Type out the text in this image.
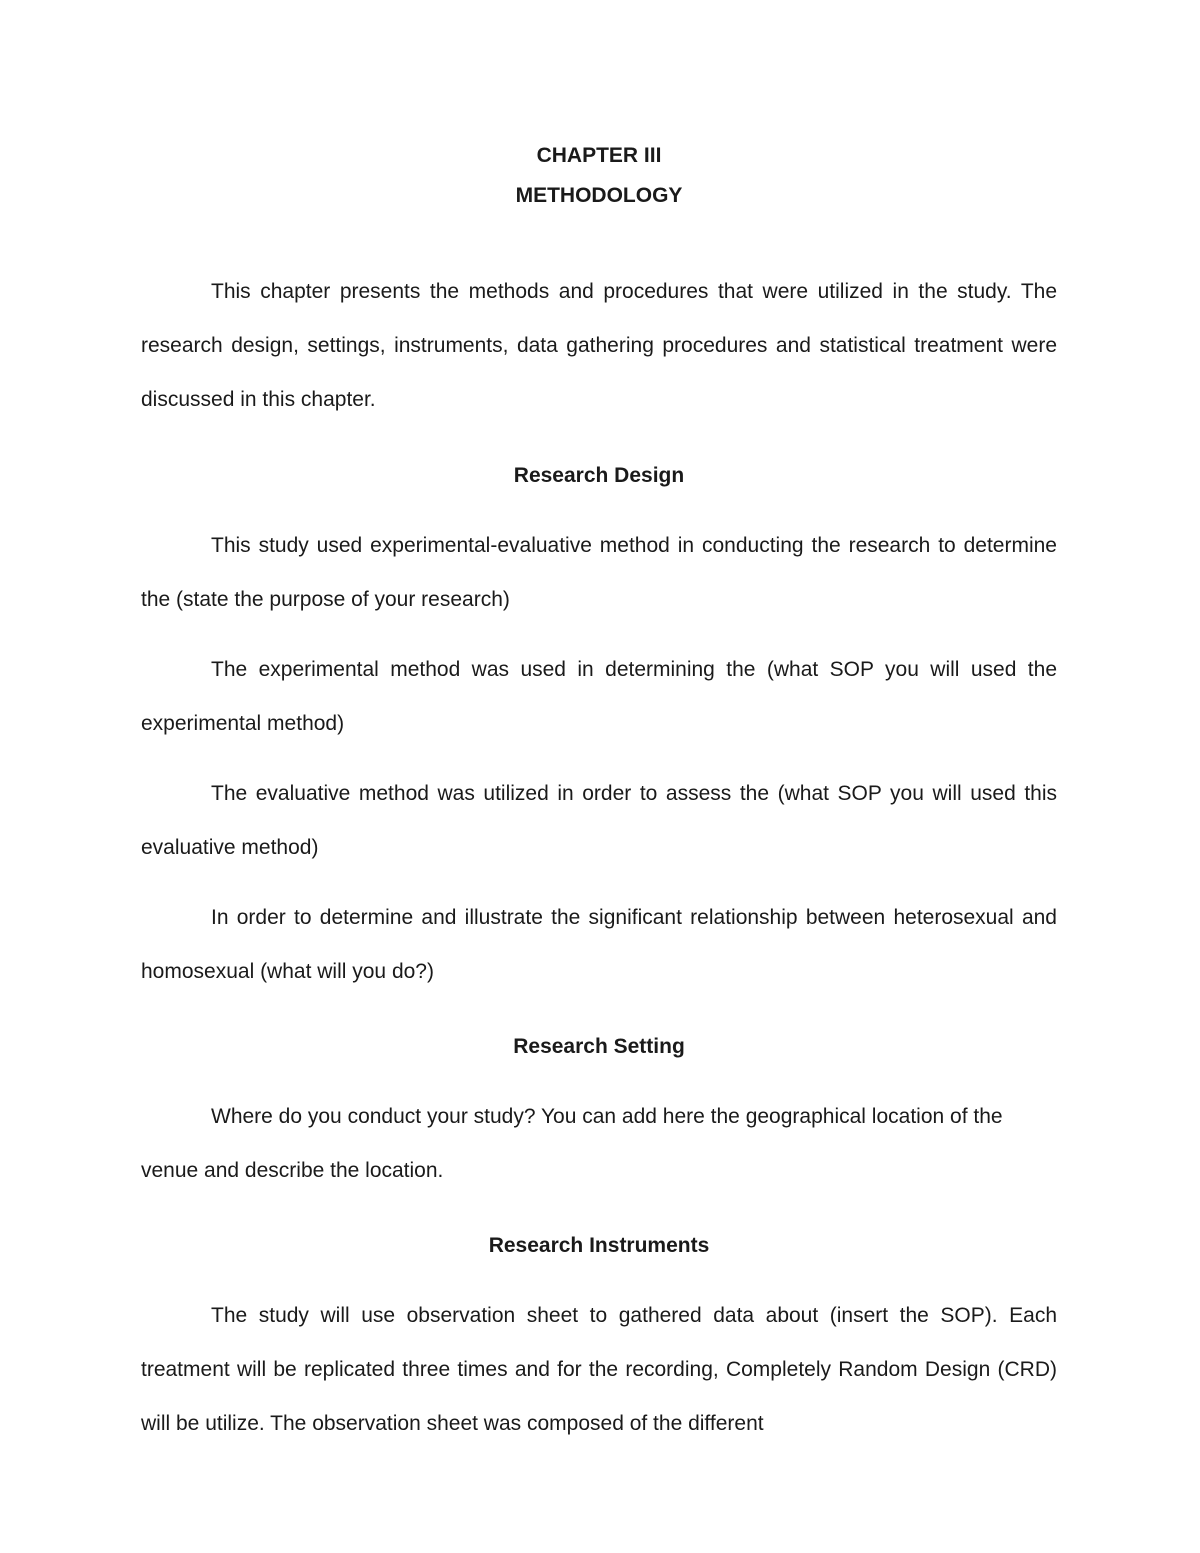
CHAPTER III
METHODOLOGY

This chapter presents the methods and procedures that were utilized in the study. The research design, settings, instruments, data gathering procedures and statistical treatment were discussed in this chapter.

Research Design

This study used experimental-evaluative method in conducting the research to determine the (state the purpose of your research)

The experimental method was used in determining the (what SOP you will used the experimental method)

The evaluative method was utilized in order to assess the (what SOP you will used this evaluative method)

In order to determine and illustrate the significant relationship between heterosexual and homosexual (what will you do?)

Research Setting

Where do you conduct your study? You can add here the geographical location of the venue and describe the location.

Research Instruments

The study will use observation sheet to gathered data about (insert the SOP). Each treatment will be replicated three times and for the recording, Completely Random Design (CRD) will be utilize. The observation sheet was composed of the different
